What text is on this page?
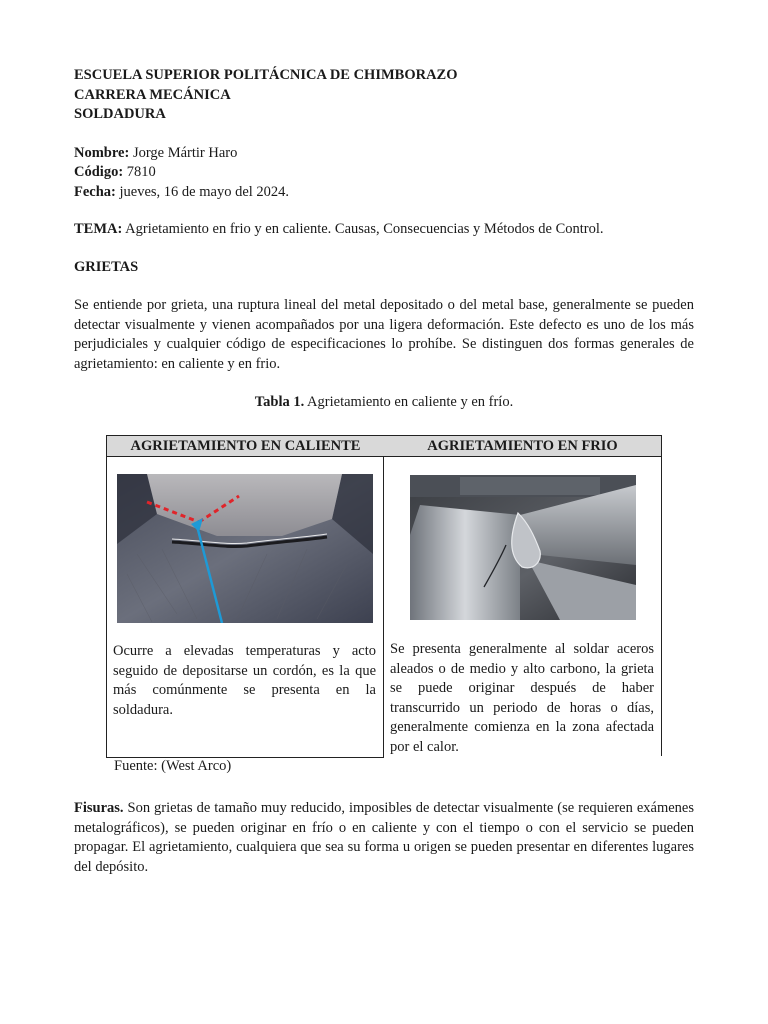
ESCUELA SUPERIOR POLITÁCNICA DE CHIMBORAZO
CARRERA MECÁNICA
SOLDADURA
Nombre: Jorge Mártir Haro
Código: 7810
Fecha: jueves, 16 de mayo del 2024.
TEMA: Agrietamiento en frio y en caliente. Causas, Consecuencias y Métodos de Control.
GRIETAS
Se entiende por grieta, una ruptura lineal del metal depositado o del metal base, generalmente se pueden detectar visualmente y vienen acompañados por una ligera deformación. Este defecto es uno de los más perjudiciales y cualquier código de especificaciones lo prohíbe. Se distinguen dos formas generales de agrietamiento: en caliente y en frio.
Tabla 1. Agrietamiento en caliente y en frío.
AGRIETAMIENTO EN CALIENTE	AGRIETAMIENTO EN FRIO
Ocurre a elevadas temperaturas y acto seguido de depositarse un cordón, es la que más comúnmente se presenta en la soldadura.
Se presenta generalmente al soldar aceros aleados o de medio y alto carbono, la grieta se puede originar después de haber transcurrido un periodo de horas o días, generalmente comienza en la zona afectada por el calor.
Fuente: (West Arco)
Fisuras. Son grietas de tamaño muy reducido, imposibles de detectar visualmente (se requieren exámenes metalográficos), se pueden originar en frío o en caliente y con el tiempo o con el servicio se pueden propagar. El agrietamiento, cualquiera que sea su forma u origen se pueden presentar en diferentes lugares del depósito.
